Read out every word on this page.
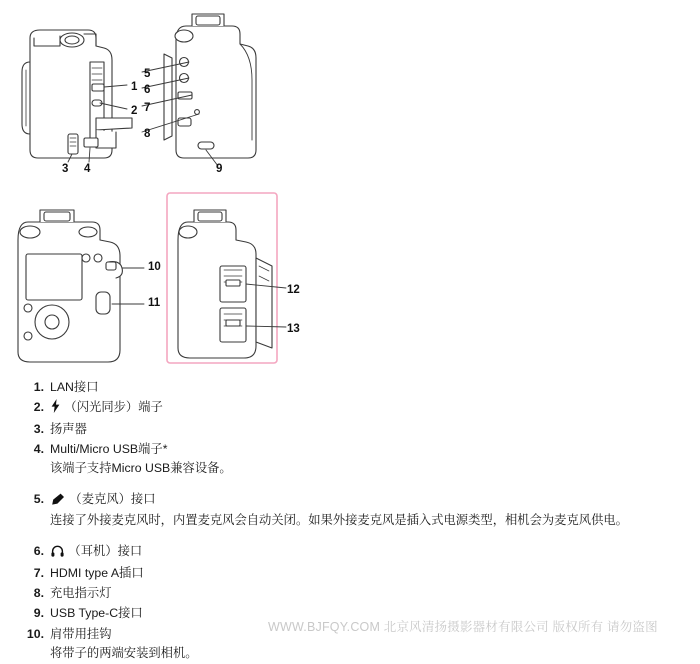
1
2
3 4
5
6
7
8
9
10
11
12
13
1. LAN接口
2.	（闪光同步）端子
3. 扬声器
4. Multi/Micro USB端子*
该端子支持Micro USB兼容设备。
5.	（麦克风）接口
连接了外接麦克风时，内置麦克风会自动关闭。如果外接麦克风是插入式电源类型，相机会为麦克风供电。
6.	（耳机）接口
7. HDMI type A插口
8. 充电指示灯
9. USB Type-C接口
10. 肩带用挂钩
将带子的两端安装到相机。
WWW.BJFQY.COM 北京风清扬摄影器材有限公司 版权所有 请勿盗图
